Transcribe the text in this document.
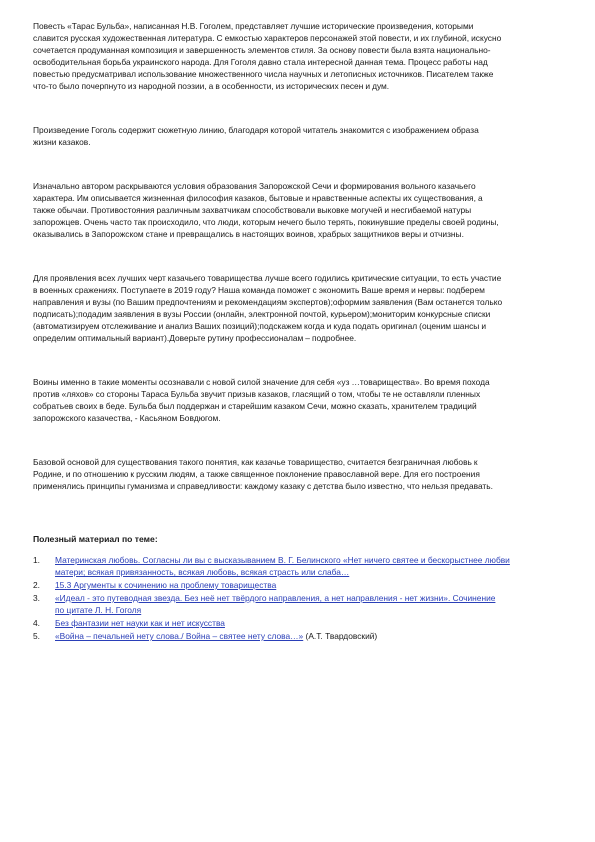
Повесть «Тарас Бульба», написанная Н.В. Гоголем, представляет лучшие исторические произведения, которыми
славится русская художественная литература. С емкостью характеров персонажей этой повести, и их глубиной, искусно
сочетается продуманная композиция и завершенность элементов стиля. За основу повести была взята национально-
освободительная борьба украинского народа. Для Гоголя давно стала интересной данная тема. Процесс работы над
повестью предусматривал использование множественного числа научных и летописных источников. Писателем также
что-то было почерпнуто из народной поэзии, а в особенности, из исторических песен и дум.

Произведение Гоголь содержит сюжетную линию, благодаря которой читатель знакомится с изображением образа
жизни казаков.

Изначально автором раскрываются условия образования Запорожской Сечи и формирования вольного казачьего
характера. Им описывается жизненная философия казаков, бытовые и нравственные аспекты их существования, а
также обычаи. Противостояния различным захватчикам способствовали выковке могучей и несгибаемой натуры
запорожцев. Очень часто так происходило, что люди, которым нечего было терять, покинувшие пределы своей родины,
оказывались в Запорожском стане и превращались в настоящих воинов, храбрых защитников веры и отчизны.

Для проявления всех лучших черт казачьего товарищества лучше всего годились критические ситуации, то есть участие
в военных сражениях. Поступаете в 2019 году? Наша команда поможет с экономить Ваше время и нервы: подберем
направления и вузы (по Вашим предпочтениям и рекомендациям экспертов);оформим заявления (Вам останется только
подписать);подадим заявления в вузы России (онлайн, электронной почтой, курьером);мониторим конкурсные списки
(автоматизируем отслеживание и анализ Ваших позиций);подскажем когда и куда подать оригинал (оценим шансы и
определим оптимальный вариант).Доверьте рутину профессионалам – подробнее.

Воины именно в такие моменты осознавали с новой силой значение для себя «уз …товарищества». Во время похода
против «ляхов» со стороны Тараса Бульба звучит призыв казаков, гласящий о том, чтобы те не оставляли пленных
собратьев своих в беде. Бульба был поддержан и старейшим казаком Сечи, можно сказать, хранителем традиций
запорожского казачества, - Касьяном Бовдюгом.

Базовой основой для существования такого понятия, как казачье товарищество, считается безграничная любовь к
Родине, и по отношению к русским людям, а также священное поклонение православной вере. Для его построения
применялись принципы гуманизма и справедливости: каждому казаку с детства было известно, что нельзя предавать.

Полезный материал по теме:

1.	Материнская любовь. Согласны ли вы с высказыванием В. Г. Белинского «Нет ничего святее и бескорыстнее любви
матери; всякая привязанность, всякая любовь, всякая страсть или слаба…
2.	15.3 Аргументы к сочинению на проблему товарищества
3.	«Идеал - это путеводная звезда. Без неё нет твёрдого направления, а нет направления - нет жизни». Сочинение
по цитате Л. Н. Гоголя
4.	Без фантазии нет науки как и нет искусства
5.	«Война – печальней нету слова./ Война – святее нету слова…» (А.Т. Твардовский)
